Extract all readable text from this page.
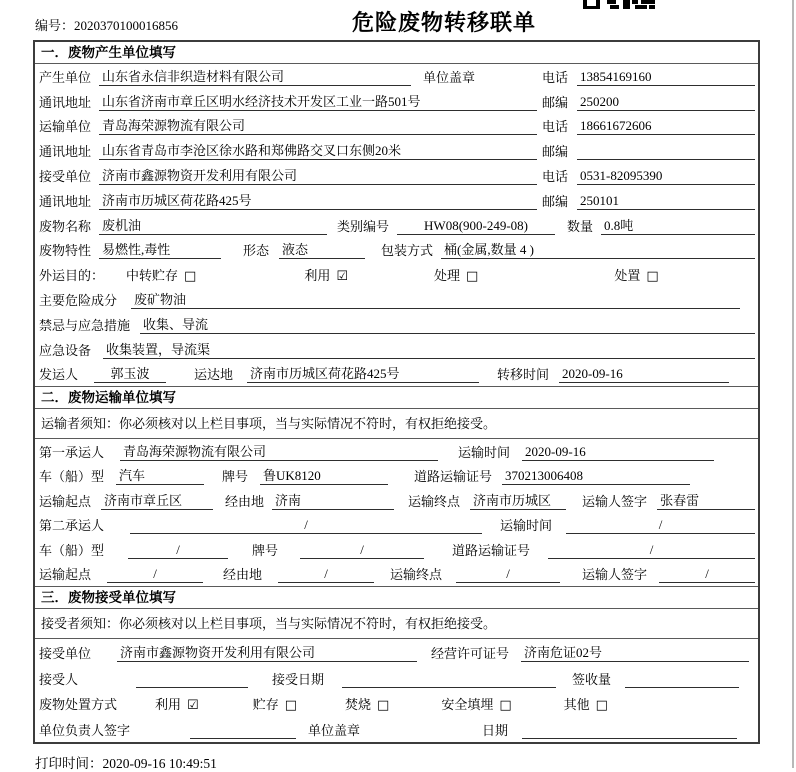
编号：2020370100016856	危险废物转移联单
一．废物产生单位填写
产生单位 山东省永信非织造材料有限公司	单位盖章	电话 13854169160
通讯地址 山东省济南市章丘区明水经济技术开发区工业一路501号	邮编 250200
运输单位 青岛海荣源物流有限公司	电话 18661672606
通讯地址 山东省青岛市李沧区徐水路和郑佛路交叉口东侧20米	邮编
接受单位 济南市鑫源物资开发利用有限公司	电话 0531-82095390
通讯地址 济南市历城区荷花路425号	邮编 250101
废物名称 废机油	类别编号	HW08(900-249-08)	数量 0.8吨
废物特性 易燃性,毒性	形态 液态	包装方式 桶(金属,数量 4 )
外运目的： 中转贮存 □	利用 ☑	处理 □	处置 □
主要危险成分 废矿物油
禁忌与应急措施 收集、导流
应急设备 收集装置，导流渠
发运人	郭玉波	运达地 济南市历城区荷花路425号	转移时间 2020-09-16
二．废物运输单位填写
运输者须知：你必须核对以上栏目事项，当与实际情况不符时，有权拒绝接受。
第一承运人 青岛海荣源物流有限公司	运输时间 2020-09-16
车（船）型 汽车	牌号 鲁UK8120	道路运输证号 370213006408
运输起点 济南市章丘区	经由地 济南	运输终点 济南市历城区	运输人签字 张春雷
第二承运人	/	运输时间	/
车（船）型	/	牌号	/	道路运输证号	/
运输起点	/	经由地	/	运输终点	/	运输人签字	/
三．废物接受单位填写
接受者须知：你必须核对以上栏目事项，当与实际情况不符时，有权拒绝接受。
接受单位 济南市鑫源物资开发利用有限公司	经营许可证号 济南危证02号
接受人	接受日期	签收量
废物处置方式	利用 ☑	贮存 □	焚烧 □	安全填埋 □	其他 □
单位负责人签字	单位盖章	日期
打印时间：2020-09-16 10:49:51
